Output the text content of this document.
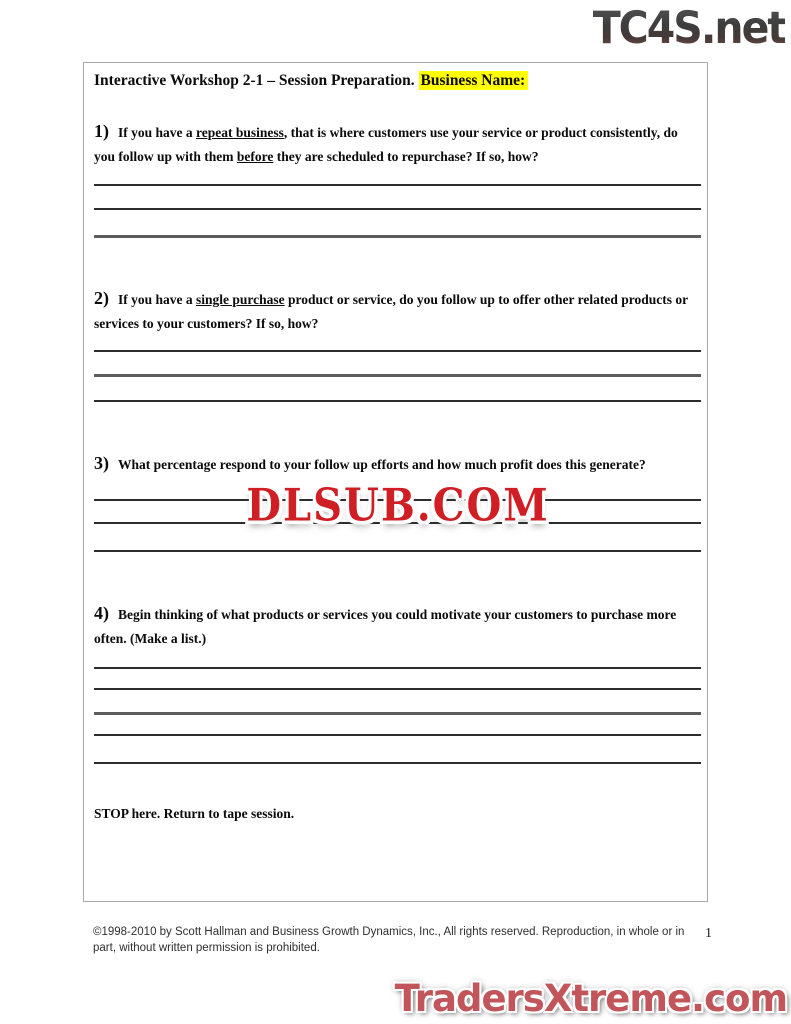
TC4S.net
Interactive Workshop 2-1 – Session Preparation. Business Name:
1) If you have a repeat business, that is where customers use your service or product consistently, do you follow up with them before they are scheduled to repurchase? If so, how?
2) If you have a single purchase product or service, do you follow up to offer other related products or services to your customers? If so, how?
3) What percentage respond to your follow up efforts and how much profit does this generate?
4) Begin thinking of what products or services you could motivate your customers to purchase more often. (Make a list.)
STOP here. Return to tape session.
DLSUB.COM
©1998-2010 by Scott Hallman and Business Growth Dynamics, Inc., All rights reserved. Reproduction, in whole or in part, without written permission is prohibited.
1
TradersXtreme.com
